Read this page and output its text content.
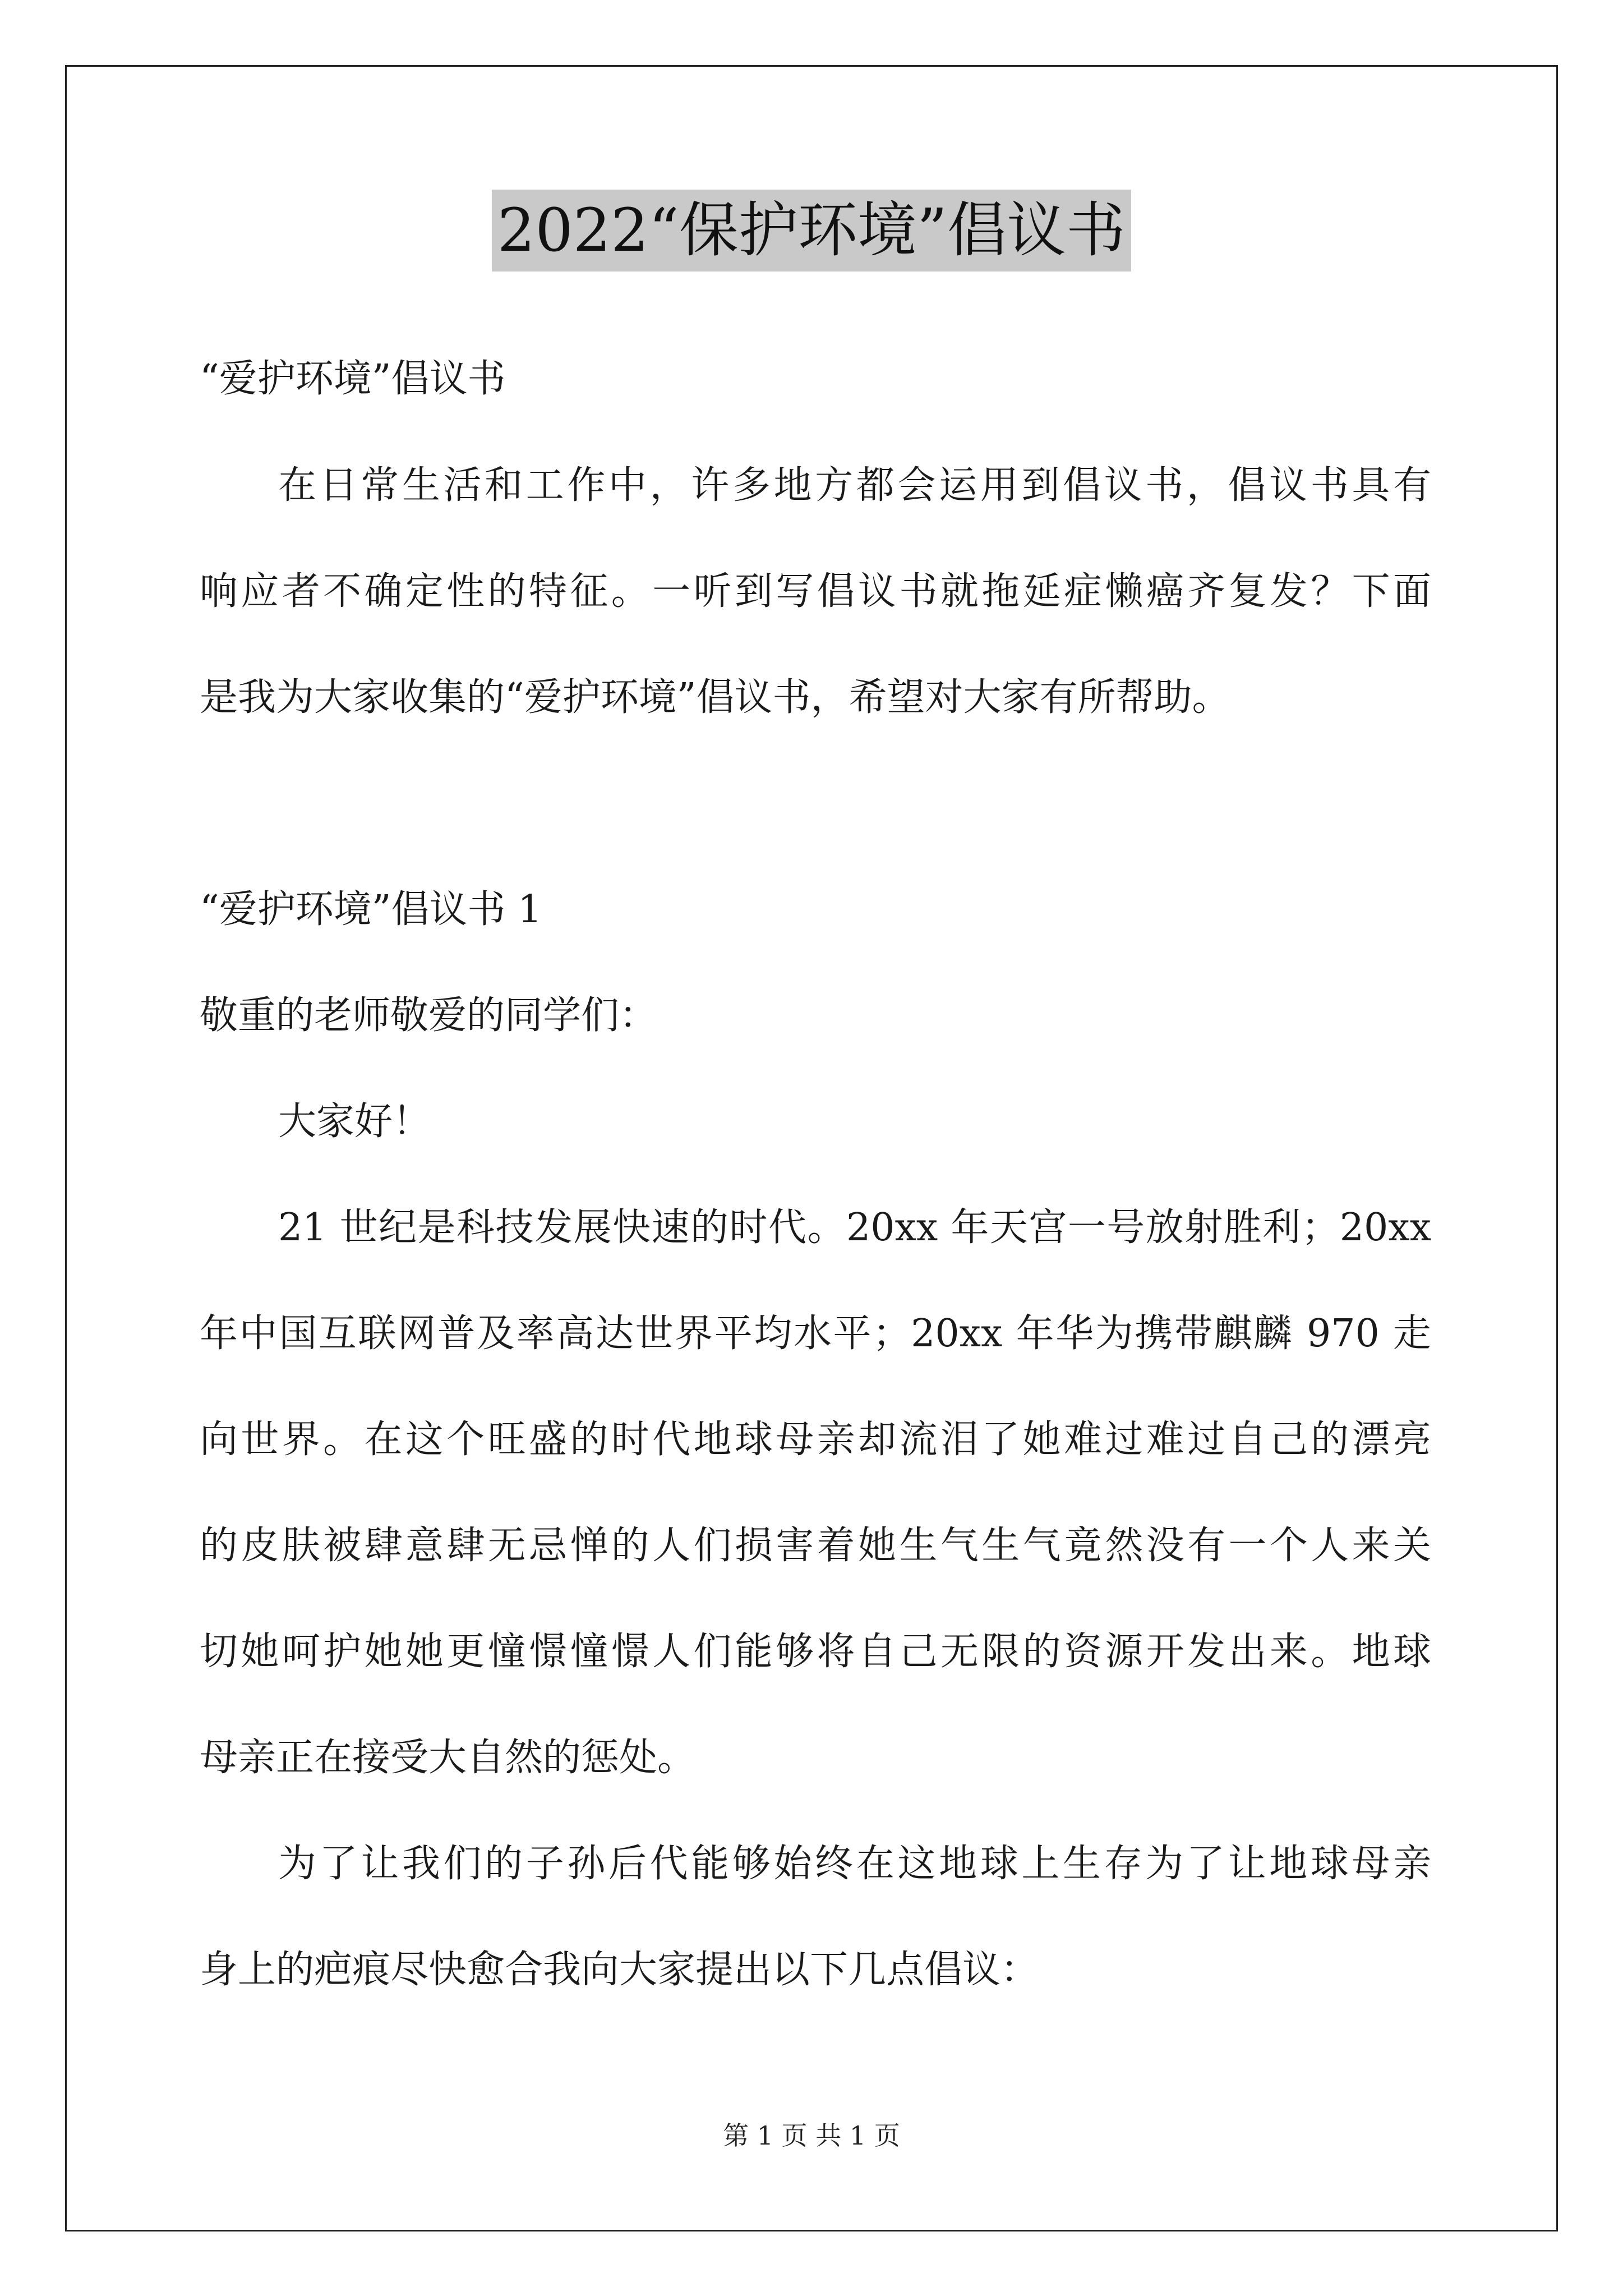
2022“保护环境”倡议书
“爱护环境”倡议书
在日常生活和工作中，许多地方都会运用到倡议书，倡议书具有
响应者不确定性的特征。一听到写倡议书就拖延症懒癌齐复发？下面
是我为大家收集的“爱护环境”倡议书，希望对大家有所帮助。
“爱护环境”倡议书 1
敬重的老师敬爱的同学们：
大家好！
21 世纪是科技发展快速的时代。20xx 年天宫一号放射胜利；20xx
年中国互联网普及率高达世界平均水平；20xx 年华为携带麒麟 970 走
向世界。在这个旺盛的时代地球母亲却流泪了她难过难过自己的漂亮
的皮肤被肆意肆无忌惮的人们损害着她生气生气竟然没有一个人来关
切她呵护她她更憧憬憧憬人们能够将自己无限的资源开发出来。地球
母亲正在接受大自然的惩处。
为了让我们的子孙后代能够始终在这地球上生存为了让地球母亲
身上的疤痕尽快愈合我向大家提出以下几点倡议：
第 1 页 共 1 页
